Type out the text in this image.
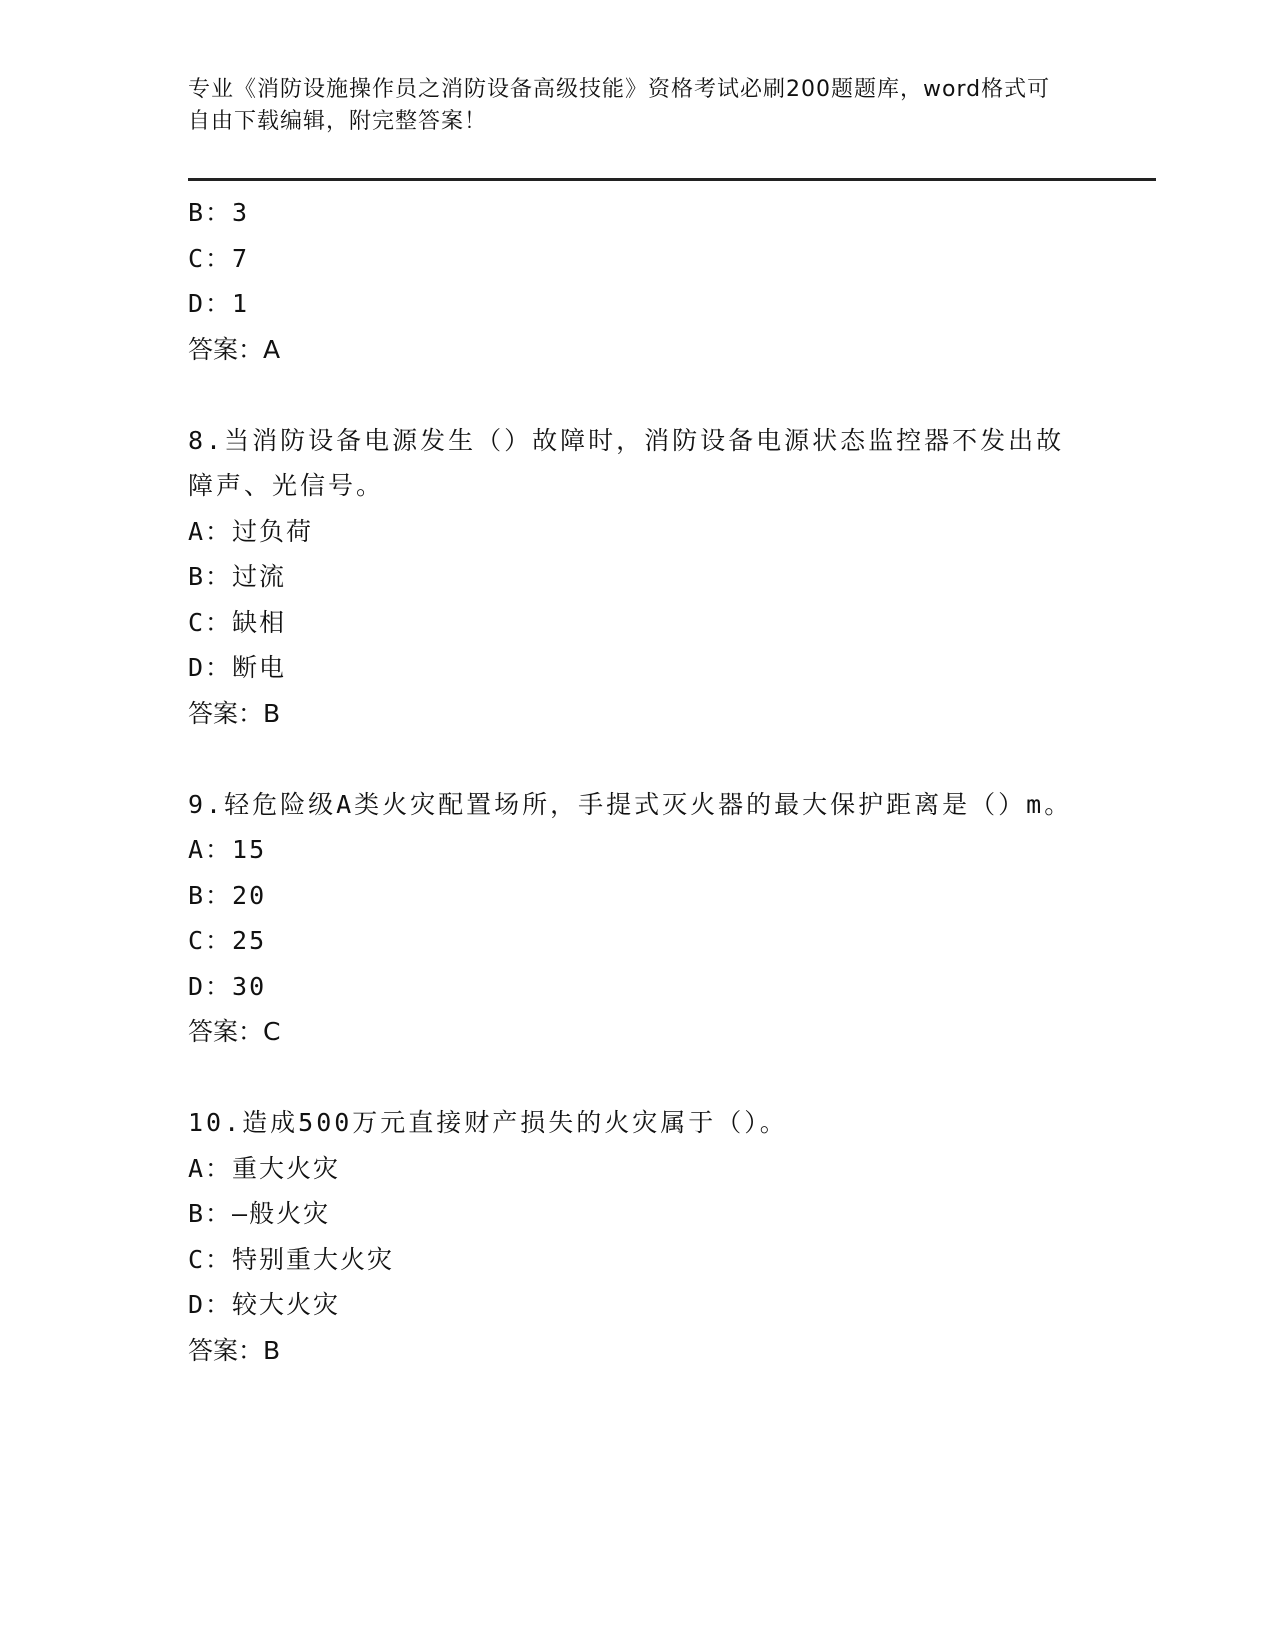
专业《消防设施操作员之消防设备高级技能》资格考试必刷200题题库，word格式可自由下载编辑，附完整答案！
B：3
C：7
D：1
答案：A
8.当消防设备电源发生（）故障时，消防设备电源状态监控器不发出故障声、光信号。
A：过负荷
B：过流
C：缺相
D：断电
答案：B
9.轻危险级A类火灾配置场所，手提式灭火器的最大保护距离是（）m。
A：15
B：20
C：25
D：30
答案：C
10.造成500万元直接财产损失的火灾属于（）。
A：重大火灾
B：—般火灾
C：特别重大火灾
D：较大火灾
答案：B
